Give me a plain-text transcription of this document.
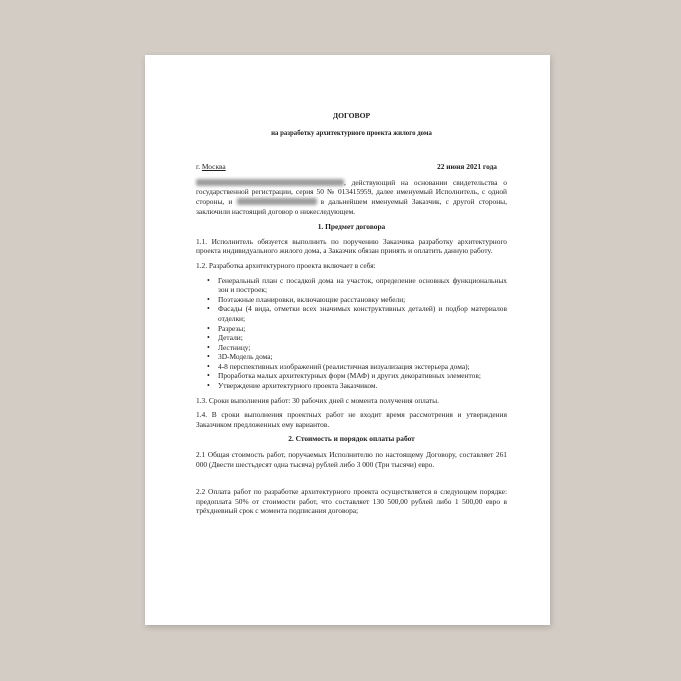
ДОГОВОР
на разработку архитектурного проекта жилого дома
г. Москва	22 июня 2021 года

, действующий на основании свидетельства о государственной регистрации, серия 50 № 013415959, далее именуемый Исполнитель, с одной стороны, и	в дальнейшем именуемый Заказчик, с другой стороны, заключили настоящий договор о нижеследующем.

1. Предмет договора

1.1. Исполнитель обязуется выполнить по поручению Заказчика разработку архитектурного проекта индивидуального жилого дома, а Заказчик обязан принять и оплатить данную работу.

1.2. Разработка архитектурного проекта включает в себя:

• Генеральный план с посадкой дома на участок, определение основных функциональных зон и построек;
• Поэтажные планировки, включающие расстановку мебели;
• Фасады (4 вида, отметки всех значимых конструктивных деталей) и подбор материалов отделки;
• Разрезы;
• Детали;
• Лестницу;
• 3D-Модель дома;
• 4-8 перспективных изображений (реалистичная визуализация экстерьера дома);
• Проработка малых архитектурных форм (МАФ) и других декоративных элементов;
• Утверждение архитектурного проекта Заказчиком.

1.3. Сроки выполнения работ: 30 рабочих дней с момента получения оплаты.

1.4. В сроки выполнения проектных работ не входит время рассмотрения и утверждения Заказчиком предложенных ему вариантов.

2. Стоимость и порядок оплаты работ

2.1 Общая стоимость работ, поручаемых Исполнителю по настоящему Договору, составляет 261 000 (Двести шестьдесят одна тысяча) рублей либо 3 000 (Три тысячи) евро.

2.2 Оплата работ по разработке архитектурного проекта осуществляется в следующем порядке: предоплата 50% от стоимости работ, что составляет 130 500,00 рублей либо 1 500,00 евро в трёхдневный срок с момента подписания договора;
